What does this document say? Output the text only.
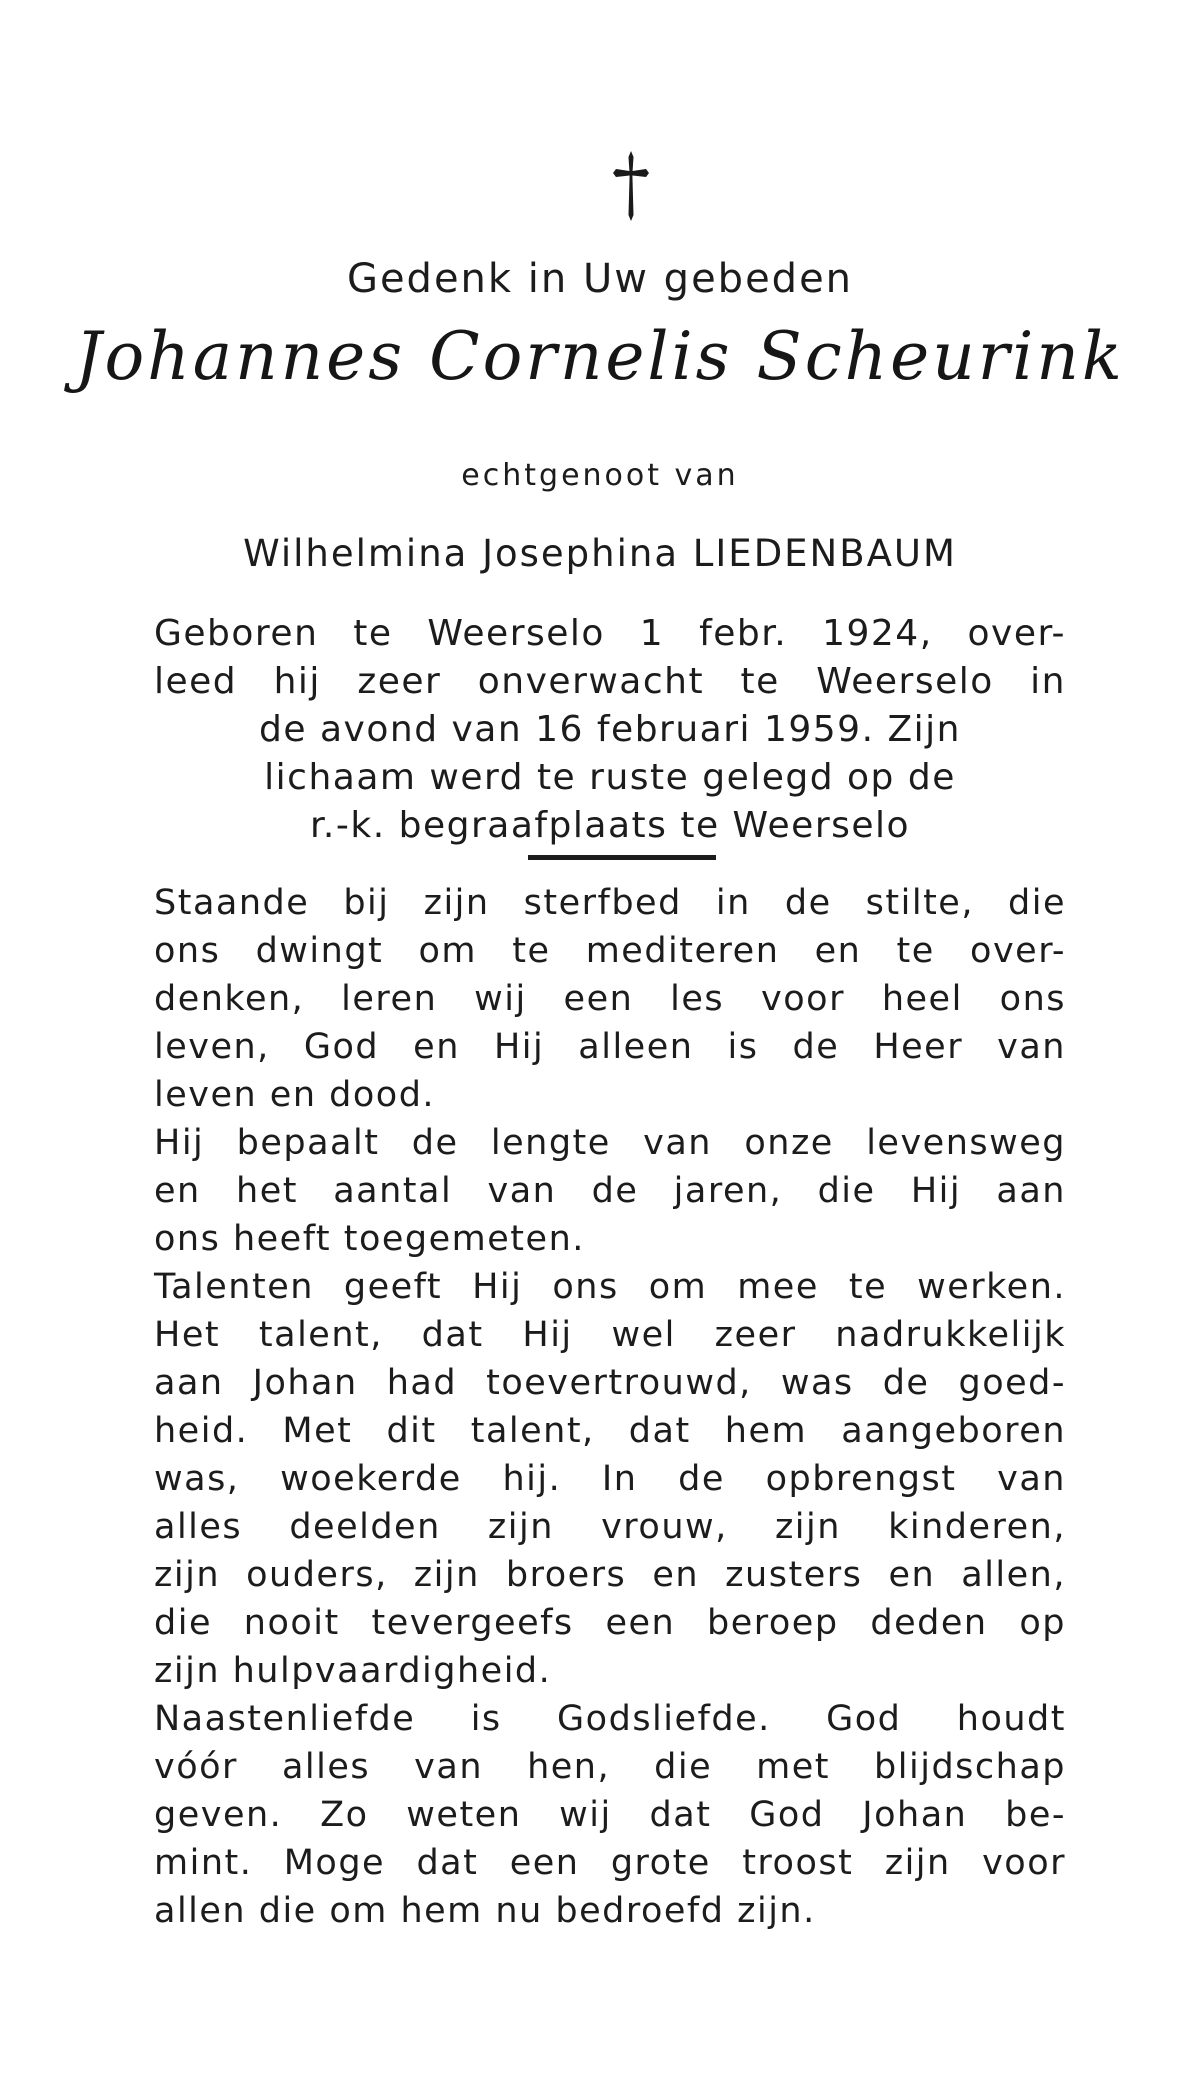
Gedenk in Uw gebeden

Johannes Cornelis Scheurink

echtgenoot van

Wilhelmina Josephina LIEDENBAUM

Geboren te Weerselo 1 febr. 1924, over-
leed hij zeer onverwacht te Weerselo in
de avond van 16 februari 1959. Zijn
lichaam werd te ruste gelegd op de
r.-k. begraafplaats te Weerselo
Staande bij zijn sterfbed in de stilte, die
ons dwingt om te mediteren en te over-
denken, leren wij een les voor heel ons
leven, God en Hij alleen is de Heer van
leven en dood.
Hij bepaalt de lengte van onze levensweg
en het aantal van de jaren, die Hij aan
ons heeft toegemeten.
Talenten geeft Hij ons om mee te werken.
Het talent, dat Hij wel zeer nadrukkelijk
aan Johan had toevertrouwd, was de goed-
heid. Met dit talent, dat hem aangeboren
was, woekerde hij. In de opbrengst van
alles deelden zijn vrouw, zijn kinderen,
zijn ouders, zijn broers en zusters en allen,
die nooit tevergeefs een beroep deden op
zijn hulpvaardigheid.
Naastenliefde is Godsliefde. God houdt
vóór alles van hen, die met blijdschap
geven. Zo weten wij dat God Johan be-
mint. Moge dat een grote troost zijn voor
allen die om hem nu bedroefd zijn.
